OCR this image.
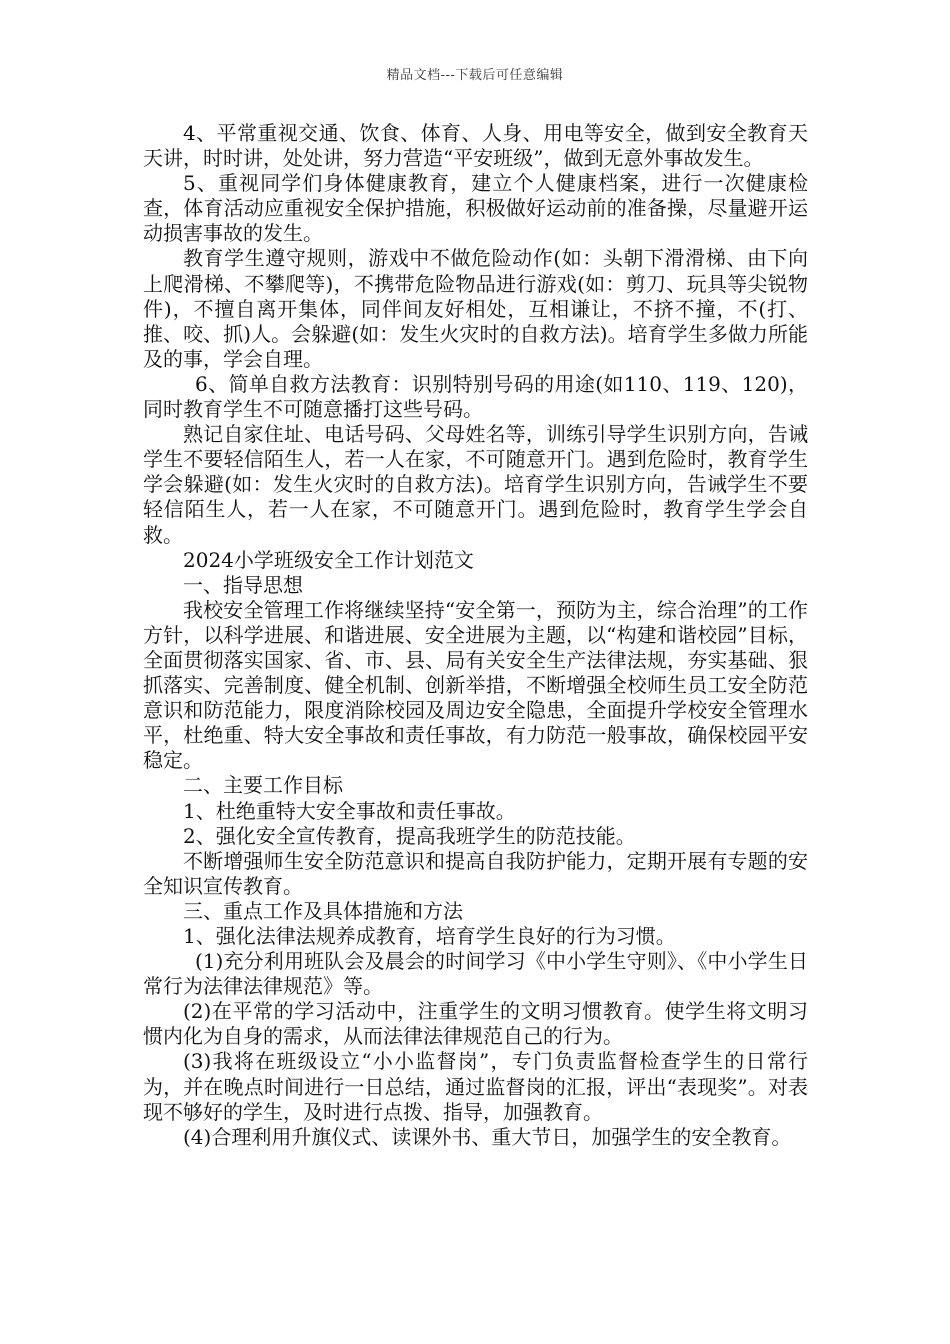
精品文档---下载后可任意编辑

4、平常重视交通、饮食、体育、人身、用电等安全，做到安全教育天天讲，时时讲，处处讲，努力营造“平安班级”，做到无意外事故发生。

5、重视同学们身体健康教育，建立个人健康档案，进行一次健康检查，体育活动应重视安全保护措施，积极做好运动前的准备操，尽量避开运动损害事故的发生。

教育学生遵守规则，游戏中不做危险动作(如：头朝下滑滑梯、由下向上爬滑梯、不攀爬等)，不携带危险物品进行游戏(如：剪刀、玩具等尖锐物件)，不擅自离开集体，同伴间友好相处，互相谦让，不挤不撞，不(打、推、咬、抓)人。会躲避(如：发生火灾时的自救方法)。培育学生多做力所能及的事，学会自理。

6、简单自救方法教育：识别特别号码的用途(如110、119、120)，同时教育学生不可随意播打这些号码。

熟记自家住址、电话号码、父母姓名等，训练引导学生识别方向，告诫学生不要轻信陌生人，若一人在家，不可随意开门。遇到危险时，教育学生学会躲避(如：发生火灾时的自救方法)。培育学生识别方向，告诫学生不要轻信陌生人，若一人在家，不可随意开门。遇到危险时，教育学生学会自救。

2024小学班级安全工作计划范文

一、指导思想

我校安全管理工作将继续坚持“安全第一，预防为主，综合治理”的工作方针，以科学进展、和谐进展、安全进展为主题，以“构建和谐校园”目标，全面贯彻落实国家、省、市、县、局有关安全生产法律法规，夯实基础、狠抓落实、完善制度、健全机制、创新举措，不断增强全校师生员工安全防范意识和防范能力，限度消除校园及周边安全隐患，全面提升学校安全管理水平，杜绝重、特大安全事故和责任事故，有力防范一般事故，确保校园平安稳定。

二、主要工作目标

1、杜绝重特大安全事故和责任事故。

2、强化安全宣传教育，提高我班学生的防范技能。

不断增强师生安全防范意识和提高自我防护能力，定期开展有专题的安全知识宣传教育。

三、重点工作及具体措施和方法

1、强化法律法规养成教育，培育学生良好的行为习惯。

(1)充分利用班队会及晨会的时间学习《中小学生守则》、《中小学生日常行为法律法律规范》等。

(2)在平常的学习活动中，注重学生的文明习惯教育。使学生将文明习惯内化为自身的需求，从而法律法律规范自己的行为。

(3)我将在班级设立“小小监督岗”，专门负责监督检查学生的日常行为，并在晚点时间进行一日总结，通过监督岗的汇报，评出“表现奖”。对表现不够好的学生，及时进行点拨、指导，加强教育。

(4)合理利用升旗仪式、读课外书、重大节日，加强学生的安全教育。
